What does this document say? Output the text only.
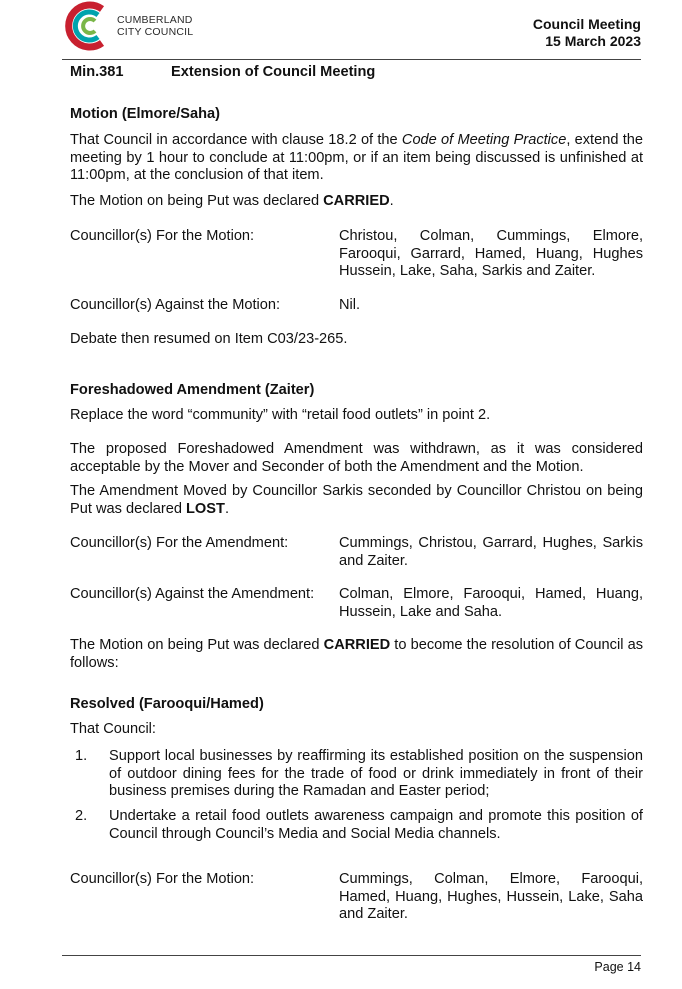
CUMBERLAND
CITY COUNCIL	Council Meeting
15 March 2023
Min.381	Extension of Council Meeting
Motion (Elmore/Saha)

That Council in accordance with clause 18.2 of the Code of Meeting Practice, extend the meeting by 1 hour to conclude at 11:00pm, or if an item being discussed is unfinished at 11:00pm, at the conclusion of that item.

The Motion on being Put was declared CARRIED.

Councillor(s) For the Motion:	Christou, Colman, Cummings, Elmore, Farooqui, Garrard, Hamed, Huang, Hughes Hussein, Lake, Saha, Sarkis and Zaiter.
Councillor(s) Against the Motion:	Nil.
Debate then resumed on Item C03/23-265.
Foreshadowed Amendment (Zaiter)
Replace the word “community” with “retail food outlets” in point 2.

The proposed Foreshadowed Amendment was withdrawn, as it was considered acceptable by the Mover and Seconder of both the Amendment and the Motion.

The Amendment Moved by Councillor Sarkis seconded by Councillor Christou on being Put was declared LOST.

Councillor(s) For the Amendment:	Cummings, Christou, Garrard, Hughes, Sarkis and Zaiter.
Councillor(s) Against the Amendment: Colman, Elmore, Farooqui, Hamed, Huang, Hussein, Lake and Saha.

The Motion on being Put was declared CARRIED to become the resolution of Council as follows:

Resolved (Farooqui/Hamed)
That Council:
1. Support local businesses by reaffirming its established position on the suspension of outdoor dining fees for the trade of food or drink immediately in front of their business premises during the Ramadan and Easter period;
2. Undertake a retail food outlets awareness campaign and promote this position of Council through Council’s Media and Social Media channels.
Councillor(s) For the Motion:	Cummings, Colman, Elmore, Farooqui, Hamed, Huang, Hughes, Hussein, Lake, Saha and Zaiter.
Page 14
